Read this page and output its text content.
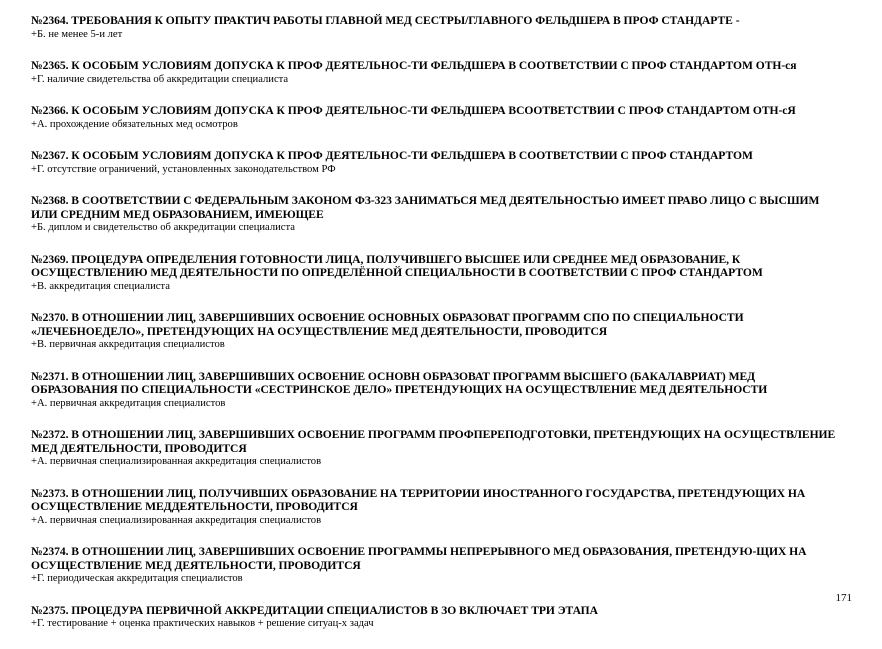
№2364. ТРЕБОВАНИЯ К ОПЫТУ ПРАКТИЧ РАБОТЫ ГЛАВНОЙ МЕД СЕСТРЫ/ГЛАВНОГО ФЕЛЬДШЕРА В ПРОФ СТАНДАРТЕ -
+Б. не менее 5-и лет
№2365. К ОСОБЫМ УСЛОВИЯМ ДОПУСКА К ПРОФ ДЕЯТЕЛЬНОС-ТИ ФЕЛЬДШЕРА В СООТВЕТСТВИИ С ПРОФ СТАНДАРТОМ ОТН-ся
+Г. наличие свидетельства об аккредитации специалиста
№2366. К ОСОБЫМ УСЛОВИЯМ ДОПУСКА К ПРОФ ДЕЯТЕЛЬНОС-ТИ ФЕЛЬДШЕРА ВСООТВЕТСТВИИ С ПРОФ СТАНДАРТОМ ОТН-сЯ
+А. прохождение обязательных мед осмотров
№2367. К ОСОБЫМ УСЛОВИЯМ ДОПУСКА К ПРОФ ДЕЯТЕЛЬНОС-ТИ ФЕЛЬДШЕРА В СООТВЕТСТВИИ С ПРОФ СТАНДАРТОМ
+Г. отсутствие ограничений, установленных законодательством РФ
№2368. В СООТВЕТСТВИИ С ФЕДЕРАЛЬНЫМ ЗАКОНОМ ФЗ-323 ЗАНИМАТЬСЯ МЕД ДЕЯТЕЛЬНОСТЬЮ ИМЕЕТ ПРАВО ЛИЦО С ВЫСШИМ
ИЛИ СРЕДНИМ МЕД ОБРАЗОВАНИЕМ, ИМЕЮЩЕЕ
+Б. диплом и свидетельство об аккредитации специалиста
№2369. ПРОЦЕДУРА ОПРЕДЕЛЕНИЯ ГОТОВНОСТИ ЛИЦА, ПОЛУЧИВШЕГО ВЫСШЕЕ ИЛИ СРЕДНЕЕ МЕД ОБРАЗОВАНИЕ, К
ОСУЩЕСТВЛЕНИЮ МЕД ДЕЯТЕЛЬНОСТИ ПО ОПРЕДЕЛЁННОЙ СПЕЦИАЛЬНОСТИ В СООТВЕТСТВИИ С ПРОФ СТАНДАРТОМ
+В. аккредитация специалиста
№2370. В ОТНОШЕНИИ ЛИЦ, ЗАВЕРШИВШИХ ОСВОЕНИЕ ОСНОВНЫХ ОБРАЗОВАТ ПРОГРАММ СПО ПО СПЕЦИАЛЬНОСТИ
«ЛЕЧЕБНОЕДЕЛО», ПРЕТЕНДУЮЩИХ НА ОСУЩЕСТВЛЕНИЕ МЕД ДЕЯТЕЛЬНОСТИ, ПРОВОДИТСЯ
+В. первичная аккредитация специалистов
№2371. В ОТНОШЕНИИ ЛИЦ, ЗАВЕРШИВШИХ ОСВОЕНИЕ ОСНОВН ОБРАЗОВАТ ПРОГРАММ ВЫСШЕГО (БАКАЛАВРИАТ) МЕД
ОБРАЗОВАНИЯ ПО СПЕЦИАЛЬНОСТИ «СЕСТРИНСКОЕ ДЕЛО» ПРЕТЕНДУЮЩИХ НА ОСУЩЕСТВЛЕНИЕ МЕД ДЕЯТЕЛЬНОСТИ
+А. первичная аккредитация специалистов
№2372. В ОТНОШЕНИИ ЛИЦ, ЗАВЕРШИВШИХ ОСВОЕНИЕ ПРОГРАММ ПРОФПЕРЕПОДГОТОВКИ, ПРЕТЕНДУЮЩИХ НА ОСУЩЕСТВЛЕНИЕ
МЕД ДЕЯТЕЛЬНОСТИ, ПРОВОДИТСЯ
+А. первичная специализированная аккредитация специалистов
№2373. В ОТНОШЕНИИ ЛИЦ, ПОЛУЧИВШИХ ОБРАЗОВАНИЕ НА ТЕРРИТОРИИ ИНОСТРАННОГО ГОСУДАРСТВА, ПРЕТЕНДУЮЩИХ НА
ОСУЩЕСТВЛЕНИЕ МЕДДЕЯТЕЛЬНОСТИ, ПРОВОДИТСЯ
+А. первичная специализированная аккредитация специалистов
№2374. В ОТНОШЕНИИ ЛИЦ, ЗАВЕРШИВШИХ ОСВОЕНИЕ ПРОГРАММЫ НЕПРЕРЫВНОГО МЕД ОБРАЗОВАНИЯ, ПРЕТЕНДУЮ-ЩИХ НА
ОСУЩЕСТВЛЕНИЕ МЕД ДЕЯТЕЛЬНОСТИ, ПРОВОДИТСЯ
+Г. периодическая аккредитация специалистов
№2375. ПРОЦЕДУРА ПЕРВИЧНОЙ АККРЕДИТАЦИИ СПЕЦИАЛИСТОВ В ЗО ВКЛЮЧАЕТ ТРИ ЭТАПА
+Г. тестирование + оценка практических навыков + решение ситуац-х задач
171
